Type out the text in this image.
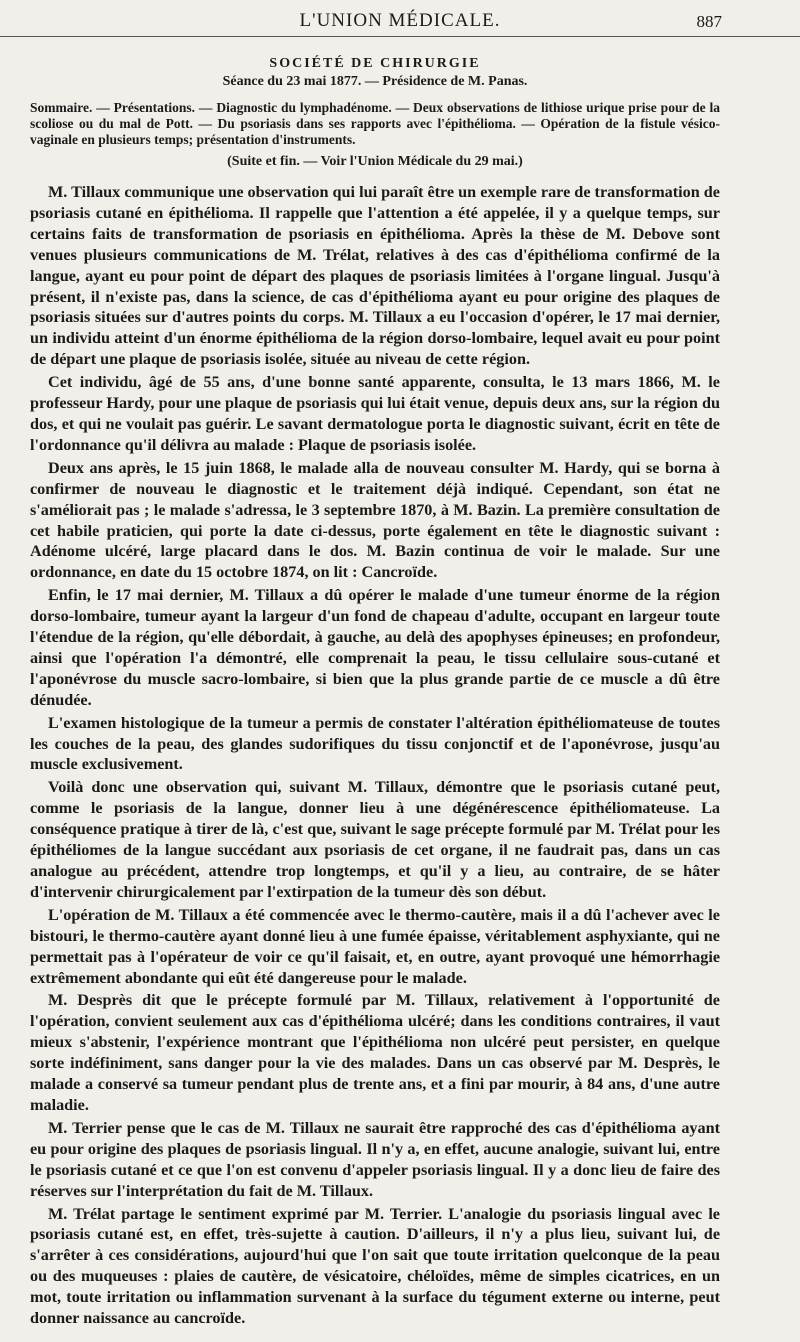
L'UNION MÉDICALE.	887
SOCIÉTÉ DE CHIRURGIE
Séance du 23 mai 1877. — Présidence de M. Panas.
Sommaire. — Présentations. — Diagnostic du lymphadénome. — Deux observations de lithiose urique prise pour de la scoliose ou du mal de Pott. — Du psoriasis dans ses rapports avec l'épithélioma. — Opération de la fistule vésico-vaginale en plusieurs temps; présentation d'instruments.
(Suite et fin. — Voir l'Union Médicale du 29 mai.)

M. Tillaux communique une observation qui lui paraît être un exemple rare de transformation de psoriasis cutané en épithélioma. Il rappelle que l'attention a été appelée, il y a quelque temps, sur certains faits de transformation de psoriasis en épithélioma. Après la thèse de M. Debove sont venues plusieurs communications de M. Trélat, relatives à des cas d'épithélioma confirmé de la langue, ayant eu pour point de départ des plaques de psoriasis limitées à l'organe lingual. Jusqu'à présent, il n'existe pas, dans la science, de cas d'épithélioma ayant eu pour origine des plaques de psoriasis situées sur d'autres points du corps. M. Tillaux a eu l'occasion d'opérer, le 17 mai dernier, un individu atteint d'un énorme épithélioma de la région dorso-lombaire, lequel avait eu pour point de départ une plaque de psoriasis isolée, située au niveau de cette région.

Cet individu, âgé de 55 ans, d'une bonne santé apparente, consulta, le 13 mars 1866, M. le professeur Hardy, pour une plaque de psoriasis qui lui était venue, depuis deux ans, sur la région du dos, et qui ne voulait pas guérir. Le savant dermatologue porta le diagnostic suivant, écrit en tête de l'ordonnance qu'il délivra au malade : Plaque de psoriasis isolée.

Deux ans après, le 15 juin 1868, le malade alla de nouveau consulter M. Hardy, qui se borna à confirmer de nouveau le diagnostic et le traitement déjà indiqué. Cependant, son état ne s'améliorait pas ; le malade s'adressa, le 3 septembre 1870, à M. Bazin. La première consultation de cet habile praticien, qui porte la date ci-dessus, porte également en tête le diagnostic suivant : Adénome ulcéré, large placard dans le dos. M. Bazin continua de voir le malade. Sur une ordonnance, en date du 15 octobre 1874, on lit : Cancroïde.

Enfin, le 17 mai dernier, M. Tillaux a dû opérer le malade d'une tumeur énorme de la région dorso-lombaire, tumeur ayant la largeur d'un fond de chapeau d'adulte, occupant en largeur toute l'étendue de la région, qu'elle débordait, à gauche, au delà des apophyses épineuses; en profondeur, ainsi que l'opération l'a démontré, elle comprenait la peau, le tissu cellulaire sous-cutané et l'aponévrose du muscle sacro-lombaire, si bien que la plus grande partie de ce muscle a dû être dénudée.

L'examen histologique de la tumeur a permis de constater l'altération épithéliomateuse de toutes les couches de la peau, des glandes sudorifiques du tissu conjonctif et de l'aponévrose, jusqu'au muscle exclusivement.

Voilà donc une observation qui, suivant M. Tillaux, démontre que le psoriasis cutané peut, comme le psoriasis de la langue, donner lieu à une dégénérescence épithéliomateuse. La conséquence pratique à tirer de là, c'est que, suivant le sage précepte formulé par M. Trélat pour les épithéliomes de la langue succédant aux psoriasis de cet organe, il ne faudrait pas, dans un cas analogue au précédent, attendre trop longtemps, et qu'il y a lieu, au contraire, de se hâter d'intervenir chirurgicalement par l'extirpation de la tumeur dès son début.

L'opération de M. Tillaux a été commencée avec le thermo-cautère, mais il a dû l'achever avec le bistouri, le thermo-cautère ayant donné lieu à une fumée épaisse, véritablement asphyxiante, qui ne permettait pas à l'opérateur de voir ce qu'il faisait, et, en outre, ayant provoqué une hémorrhagie extrêmement abondante qui eût été dangereuse pour le malade.

M. Desprès dit que le précepte formulé par M. Tillaux, relativement à l'opportunité de l'opération, convient seulement aux cas d'épithélioma ulcéré; dans les conditions contraires, il vaut mieux s'abstenir, l'expérience montrant que l'épithélioma non ulcéré peut persister, en quelque sorte indéfiniment, sans danger pour la vie des malades. Dans un cas observé par M. Desprès, le malade a conservé sa tumeur pendant plus de trente ans, et a fini par mourir, à 84 ans, d'une autre maladie.

M. Terrier pense que le cas de M. Tillaux ne saurait être rapproché des cas d'épithélioma ayant eu pour origine des plaques de psoriasis lingual. Il n'y a, en effet, aucune analogie, suivant lui, entre le psoriasis cutané et ce que l'on est convenu d'appeler psoriasis lingual. Il y a donc lieu de faire des réserves sur l'interprétation du fait de M. Tillaux.

M. Trélat partage le sentiment exprimé par M. Terrier. L'analogie du psoriasis lingual avec le psoriasis cutané est, en effet, très-sujette à caution. D'ailleurs, il n'y a plus lieu, suivant lui, de s'arrêter à ces considérations, aujourd'hui que l'on sait que toute irritation quelconque de la peau ou des muqueuses : plaies de cautère, de vésicatoire, chéloïdes, même de simples cicatrices, en un mot, toute irritation ou inflammation survenant à la surface du tégument externe ou interne, peut donner naissance au cancroïde.
